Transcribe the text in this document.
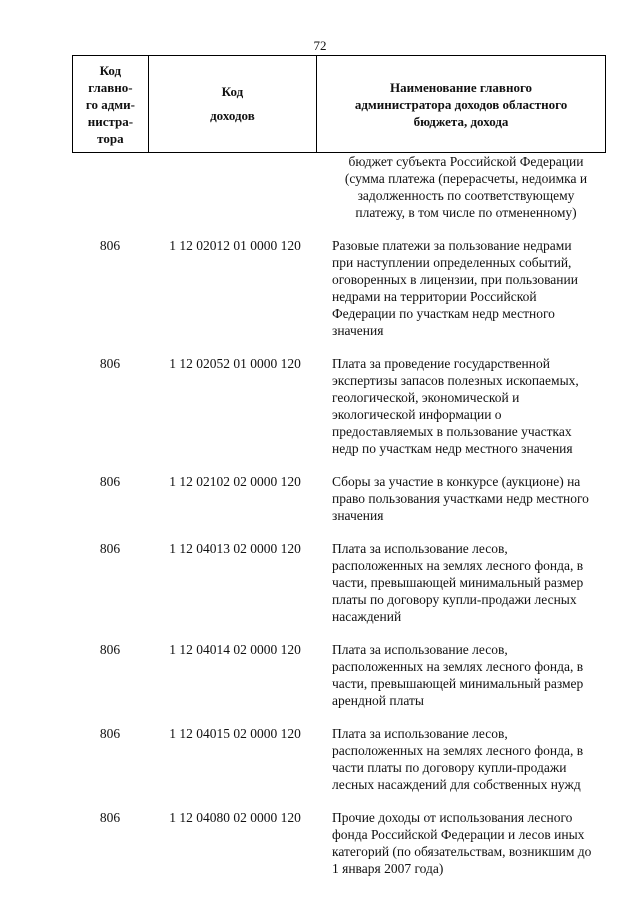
72
Код
главно-
го адми-
нистра-
тора

Код
доходов

Наименование главного
администратора доходов областного
бюджета, дохода
бюджет субъекта Российской Федерации
(сумма платежа (перерасчеты, недоимка и
задолженность по соответствующему
платежу, в том числе по отмененному)
806	1 12 02012 01 0000 120	Разовые платежи за пользование недрами
при наступлении определенных событий,
оговоренных в лицензии, при пользовании
недрами на территории Российской
Федерации по участкам недр местного
значения
806	1 12 02052 01 0000 120	Плата за проведение государственной
экспертизы запасов полезных ископаемых,
геологической, экономической и
экологической информации о
предоставляемых в пользование участках
недр по участкам недр местного значения
806	1 12 02102 02 0000 120	Сборы за участие в конкурсе (аукционе) на
право пользования участками недр местного
значения
806	1 12 04013 02 0000 120	Плата за использование лесов,
расположенных на землях лесного фонда, в
части, превышающей минимальный размер
платы по договору купли-продажи лесных
насаждений
806	1 12 04014 02 0000 120	Плата за использование лесов,
расположенных на землях лесного фонда, в
части, превышающей минимальный размер
арендной платы
806	1 12 04015 02 0000 120	Плата за использование лесов,
расположенных на землях лесного фонда, в
части платы по договору купли-продажи
лесных насаждений для собственных нужд
806	1 12 04080 02 0000 120	Прочие доходы от использования лесного
фонда Российской Федерации и лесов иных
категорий (по обязательствам, возникшим до
1 января 2007 года)
